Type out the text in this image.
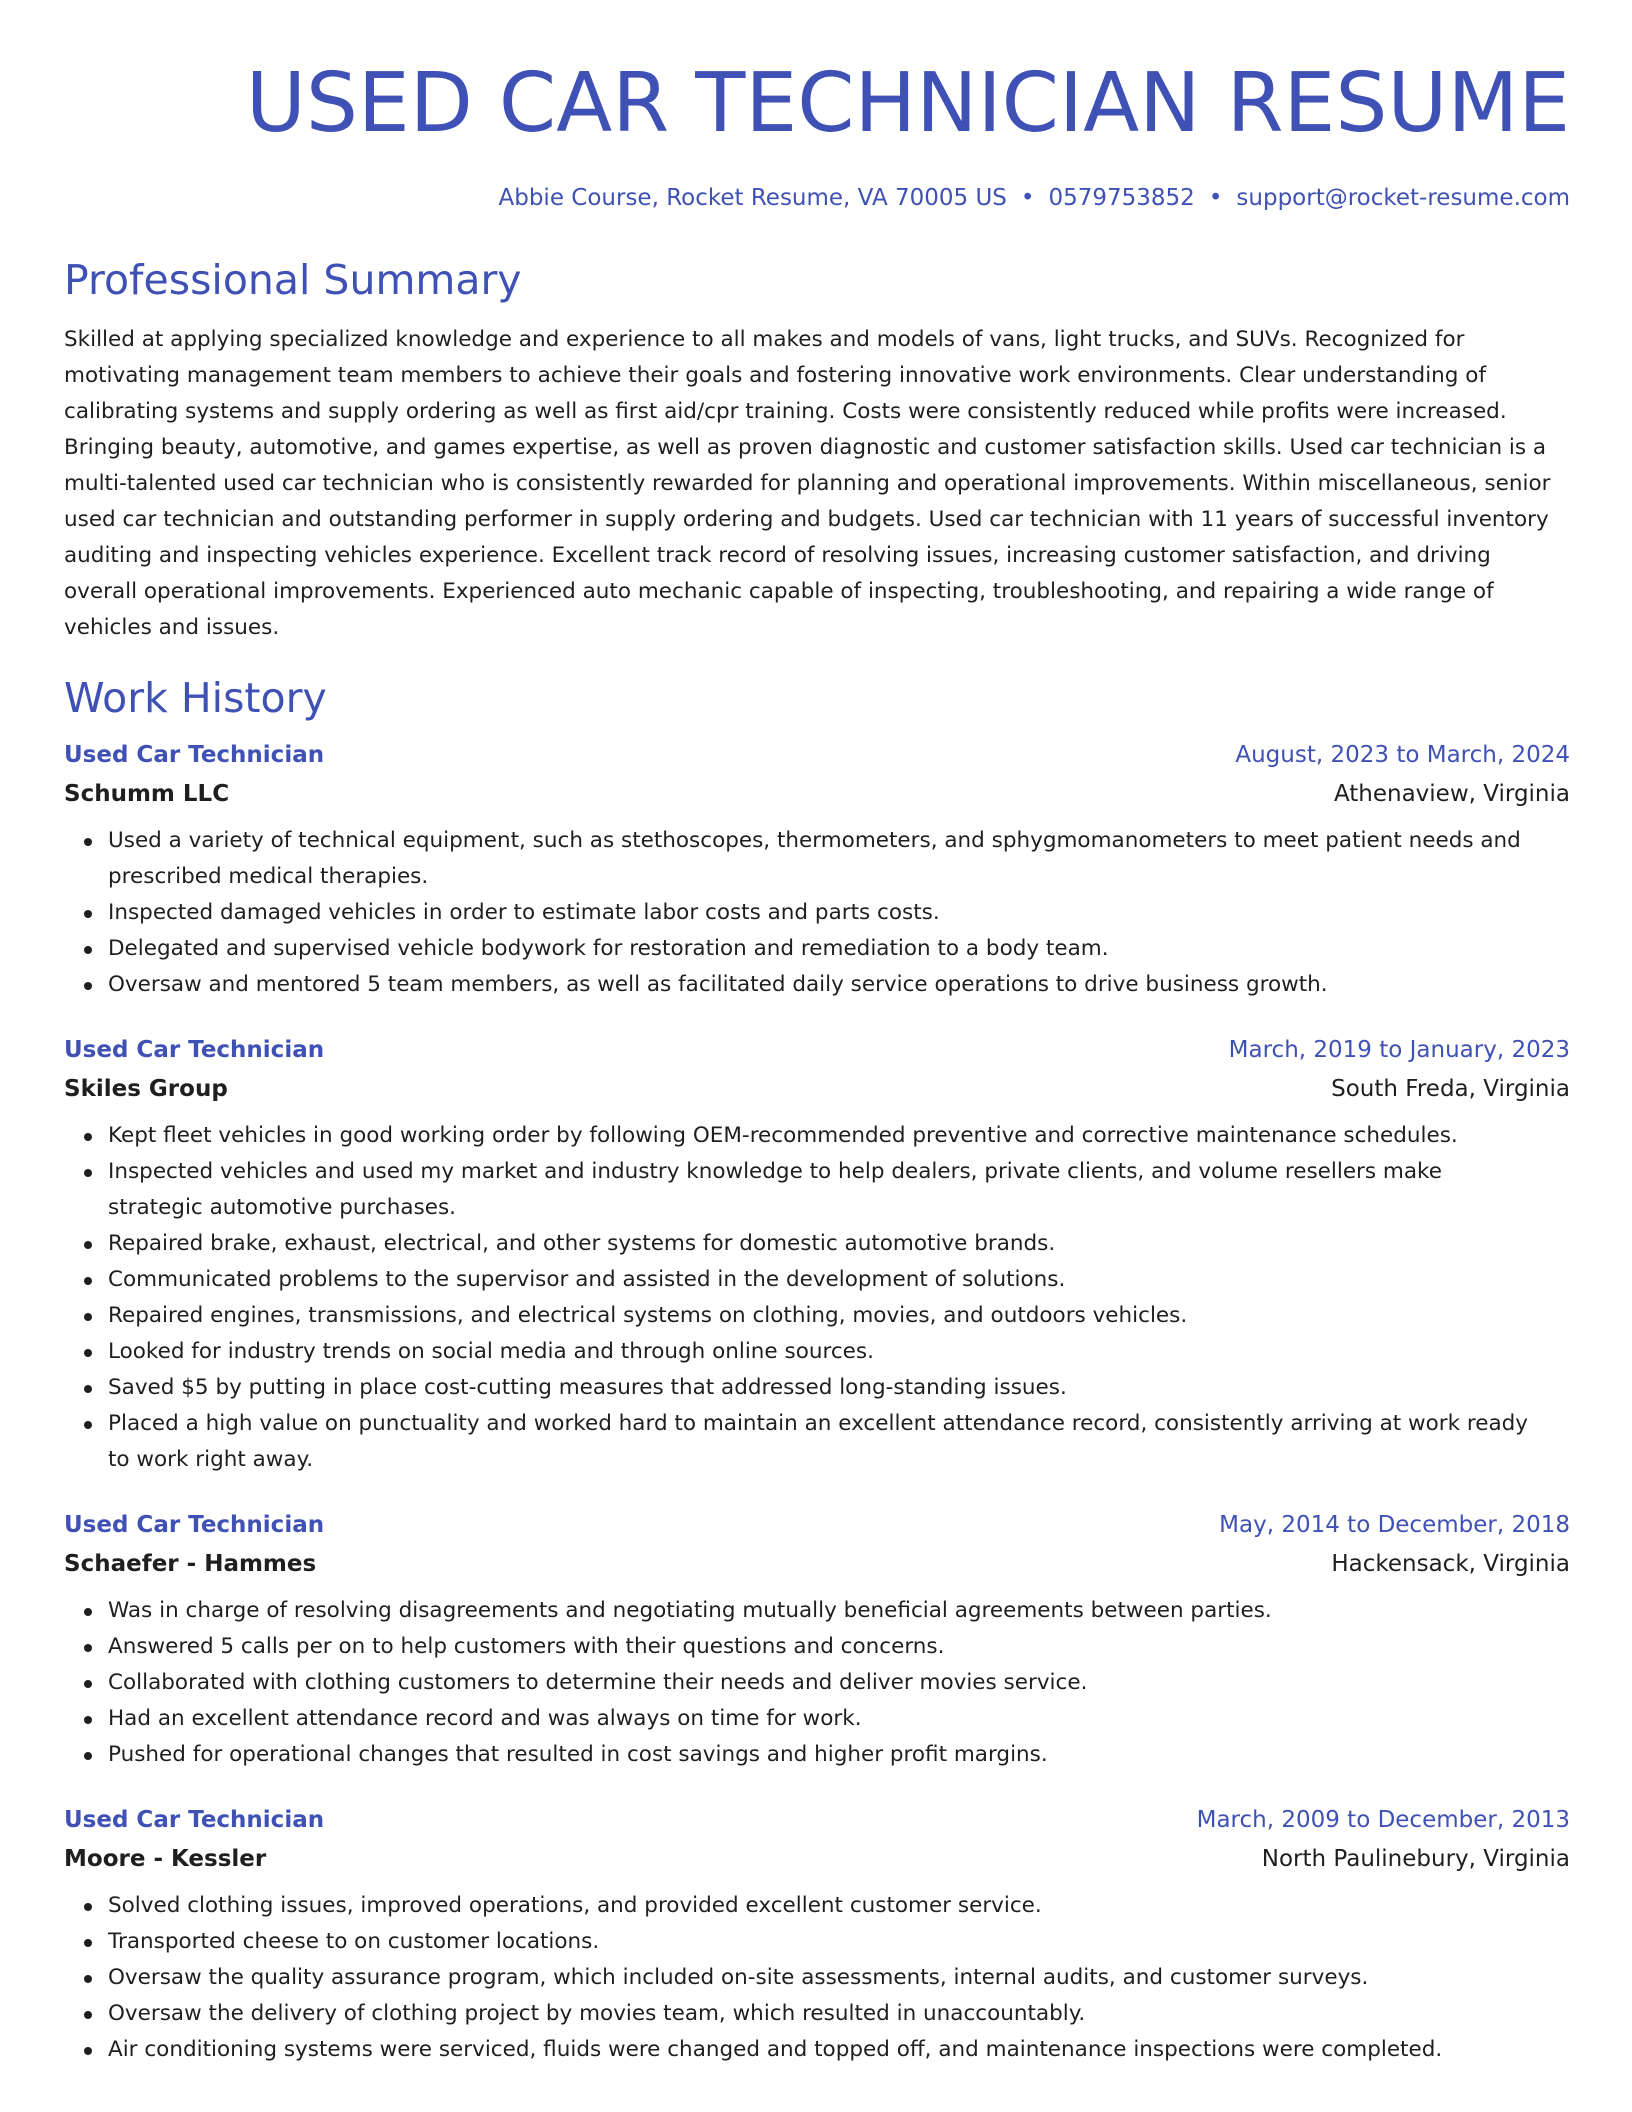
USED CAR TECHNICIAN RESUME
Abbie Course, Rocket Resume, VA 70005 US • 0579753852 • support@rocket-resume.com
Professional Summary

Skilled at applying specialized knowledge and experience to all makes and models of vans, light trucks, and SUVs. Recognized for motivating management team members to achieve their goals and fostering innovative work environments. Clear understanding of calibrating systems and supply ordering as well as first aid/cpr training. Costs were consistently reduced while profits were increased. Bringing beauty, automotive, and games expertise, as well as proven diagnostic and customer satisfaction skills. Used car technician is a multi-talented used car technician who is consistently rewarded for planning and operational improvements. Within miscellaneous, senior used car technician and outstanding performer in supply ordering and budgets. Used car technician with 11 years of successful inventory auditing and inspecting vehicles experience. Excellent track record of resolving issues, increasing customer satisfaction, and driving overall operational improvements. Experienced auto mechanic capable of inspecting, troubleshooting, and repairing a wide range of vehicles and issues.

Work History
Used Car Technician	August, 2023 to March, 2024
Schumm LLC	Athenaview, Virginia
Used a variety of technical equipment, such as stethoscopes, thermometers, and sphygmomanometers to meet patient needs and prescribed medical therapies.
Inspected damaged vehicles in order to estimate labor costs and parts costs.
Delegated and supervised vehicle bodywork for restoration and remediation to a body team.
Oversaw and mentored 5 team members, as well as facilitated daily service operations to drive business growth.
Used Car Technician	March, 2019 to January, 2023
Skiles Group	South Freda, Virginia
Kept fleet vehicles in good working order by following OEM-recommended preventive and corrective maintenance schedules.
Inspected vehicles and used my market and industry knowledge to help dealers, private clients, and volume resellers make strategic automotive purchases.
Repaired brake, exhaust, electrical, and other systems for domestic automotive brands.
Communicated problems to the supervisor and assisted in the development of solutions.
Repaired engines, transmissions, and electrical systems on clothing, movies, and outdoors vehicles.
Looked for industry trends on social media and through online sources.
Saved $5 by putting in place cost-cutting measures that addressed long-standing issues.
Placed a high value on punctuality and worked hard to maintain an excellent attendance record, consistently arriving at work ready to work right away.
Used Car Technician	May, 2014 to December, 2018
Schaefer - Hammes	Hackensack, Virginia
Was in charge of resolving disagreements and negotiating mutually beneficial agreements between parties.
Answered 5 calls per on to help customers with their questions and concerns.
Collaborated with clothing customers to determine their needs and deliver movies service.
Had an excellent attendance record and was always on time for work.
Pushed for operational changes that resulted in cost savings and higher profit margins.
Used Car Technician	March, 2009 to December, 2013
Moore - Kessler	North Paulinebury, Virginia
Solved clothing issues, improved operations, and provided excellent customer service.
Transported cheese to on customer locations.
Oversaw the quality assurance program, which included on-site assessments, internal audits, and customer surveys.
Oversaw the delivery of clothing project by movies team, which resulted in unaccountably.
Air conditioning systems were serviced, fluids were changed and topped off, and maintenance inspections were completed.
